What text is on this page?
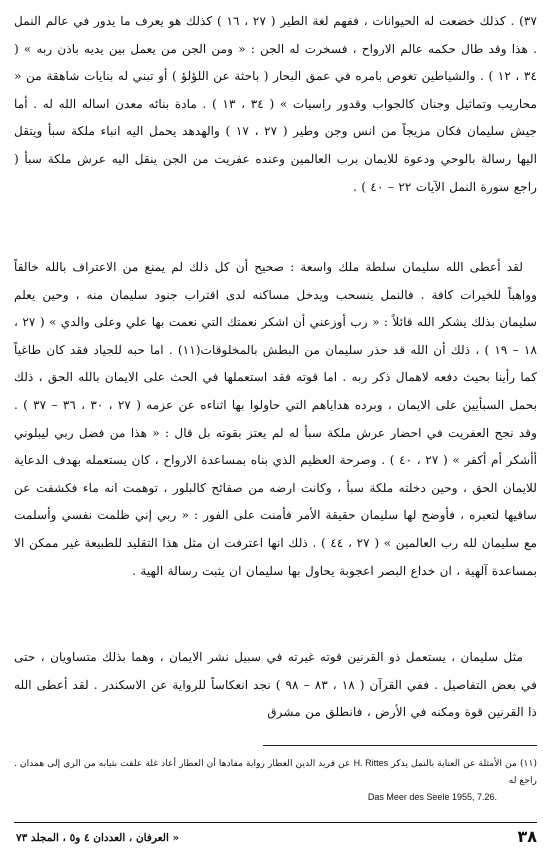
٣٧) . كذلك خضعت له الحيوانات ، ففهم لغة الطير ( ٢٧ ، ١٦ ) كذلك هو يعرف ما يدور في عالم النمل . هذا وقد طال حكمه عالم الارواح ، فسخرت له الجن : « ومن الجن من يعمل بين يديه باذن ربه » ( ٣٤ ، ١٢ ) . والشياطين تغوص بامره في عمق البحار ( باحثة عن اللؤلؤ ) أو تبني له بنايات شاهقة من « محاريب وتماثيل وجنان كالجواب وقدور راسيات » ( ٣٤ ، ١٣ ) . مادة بنائه معدن اساله الله له . أما جيش سليمان فكان مزيجاً من انس وجن وطير ( ٢٧ ، ١٧ ) والهدهد يحمل اليه انباء ملكة سبأ ويتقل اليها رسالة بالوحي ودعوة للايمان برب العالمين وعنده عفريت من الجن ينقل اليه عرش ملكة سبأ ( راجع سورة النمل الآيات ٢٢ – ٤٠ ) .

لقد أعطى الله سليمان سلطة ملك واسعة : صحيح أن كل ذلك لم يمنع من الاعتراف بالله خالقاً وواهباً للخيرات كافة . فالنمل ينسحب ويدخل مساكنه لدى اقتراب جنود سليمان منه ، وحين يعلم سليمان بذلك يشكر الله قائلاً : « رب أوزعني أن اشكر نعمتك التي نعمت بها علي وعلى والدي » ( ٢٧ ، ١٨ – ١٩ ) ، ذلك أن الله قد حذر سليمان من البطش بالمخلوقات(١١) . اما حبه للجياد فقد كان طاغياً كما رأينا بحيث دفعه لاهمال ذكر ربه . اما قوته فقد استعملها في الحث على الايمان بالله الحق ، ذلك بحمل السبأيين على الايمان ، وبرده هداياهم التي حاولوا بها اثناءه عن عزمه ( ٢٧ ، ٣٠ ، ٣٦ – ٣٧ ) . وقد نجح العفريت في احضار عرش ملكة سبأ له لم يعتز بقوته بل قال : « هذا من فضل ربي ليبلوني أأشكر أم أكفر » ( ٢٧ ، ٤٠ ) . وصرحة العظيم الذي بناه بمساعدة الارواح ، كان يستعمله بهدف الدعاية للايمان الحق ، وحين دخلته ملكة سبأ ، وكانت ارضه من صفائح كالبلور ، توهمت انه ماء فكشفت عن ساقيها لتعبره ، فأوضح لها سليمان حقيقة الأمر فأمنت على الفور : « ربي إني ظلمت نفسي وأسلمت مع سليمان لله رب العالمين » ( ٢٧ ، ٤٤ ) . ذلك انها اعترفت ان مثل هذا التقليد للطبيعة غير ممكن الا بمساعدة آلهية ، ان خداع البصر اعجوبة يحاول بها سليمان ان يثبت رسالة الهية .

مثل سليمان ، يستعمل ذو القرنين قوته غيرته في سبيل نشر الايمان ، وهما بذلك متساويان ، حتى في بعض التفاصيل . ففي القرآن ( ١٨ ، ٨٣ – ٩٨ ) نجد انعكاساً للرواية عن الاسكندر . لقد أعطى الله ذا القرنين قوة ومكنه في الأرض ، فانطلق من مشرق

(١١) من الأمثلة عن العناية بالنمل يذكر H. Rittes عن فريد الدين العطار رواية مفادها أن العطار أعاد غلة علقت بثيابه من الري إلى همدان . راجع له
Das Meer des Seele 1955, 7.26.
٣٨
« العرفان ، العددان ٤ و٥ ، المجلد ٧٣
